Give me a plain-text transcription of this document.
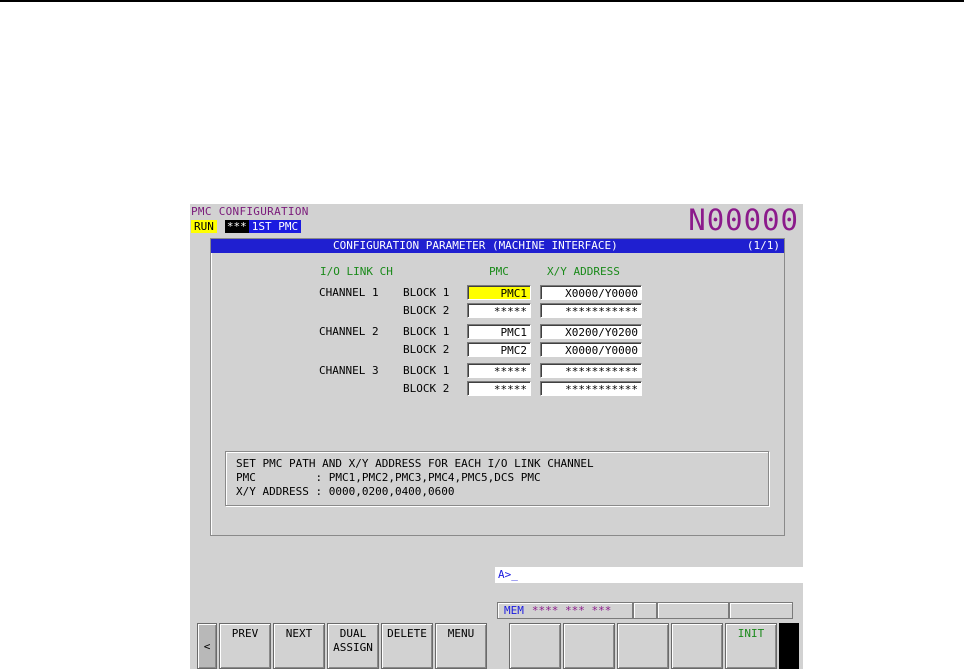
PMC CONFIGURATION
RUN *** 1ST PMC	N00000
CONFIGURATION PARAMETER (MACHINE INTERFACE)	(1/1)
I/O LINK CH	PMC	X/Y ADDRESS
CHANNEL 1 BLOCK 1	PMC1	X0000/Y0000
BLOCK 2	*****	***********
CHANNEL 2 BLOCK 1	PMC1	X0200/Y0200
BLOCK 2	PMC2	X0000/Y0000
CHANNEL 3 BLOCK 1	*****	***********
BLOCK 2	*****	***********
SET PMC PATH AND X/Y ADDRESS FOR EACH I/O LINK CHANNEL
PMC         : PMC1,PMC2,PMC3,PMC4,PMC5,DCS PMC
X/Y ADDRESS : 0000,0200,0400,0600
A>_
MEM **** *** ***
<
PREV	NEXT	DUAL
ASSIGN
DELETE	MENU	INIT
